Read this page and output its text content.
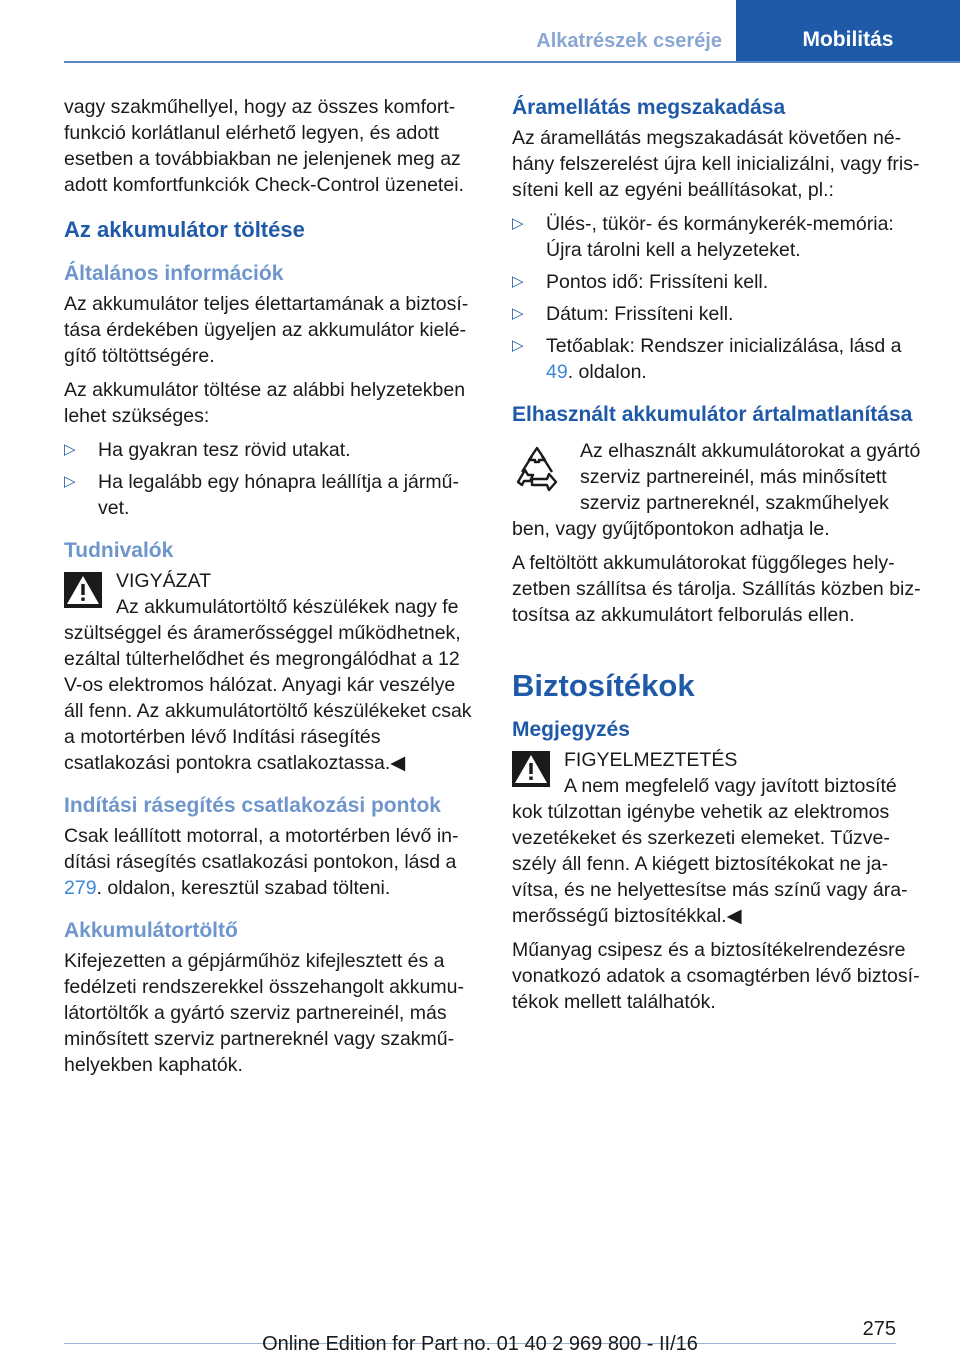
Alkatrészek cseréje	Mobilitás

vagy szakműhellyel, hogy az összes komfortfunkció korlátlanul elérhető legyen, és adott esetben a továbbiakban ne jelenjenek meg az adott komfortfunkciók Check-Control üzenetei.

Az akkumulátor töltése
Általános információk

Az akkumulátor teljes élettartamának a biztosítása érdekében ügyeljen az akkumulátor kielégítő töltöttségére.

Az akkumulátor töltése az alábbi helyzetekben lehet szükséges:

▷ Ha gyakran tesz rövid utakat.
▷ Ha legalább egy hónapra leállítja a járművet.
Tudnivalók
VIGYÁZAT
Az akkumulátortöltő készülékek nagy fe
szültséggel és áramerősséggel működhetnek, ezáltal túlterhelődhet és megrongálódhat a 12 V-os elektromos hálózat. Anyagi kár veszélye áll fenn. Az akkumulátortöltő készülékeket csak a motortérben lévő Indítási rásegítés csatlakozási pontokra csatlakoztassa.◀
Indítási rásegítés csatlakozási pontok

Csak leállított motorral, a motortérben lévő indítási rásegítés csatlakozási pontokon, lásd a 279. oldalon, keresztül szabad tölteni.

Akkumulátortöltő

Kifejezetten a gépjárműhöz kifejlesztett és a fedélzeti rendszerekkel összehangolt akkumulátortöltők a gyártó szerviz partnereinél, más minősített szerviz partnereknél vagy szakműhelyekben kaphatók.

Áramellátás megszakadása

Az áramellátás megszakadását követően néhány felszerelést újra kell inicializálni, vagy frissíteni kell az egyéni beállításokat, pl.:

▷ Ülés-, tükör- és kormánykerék-memória: Újra tárolni kell a helyzeteket.
▷ Pontos idő: Frissíteni kell.
▷ Dátum: Frissíteni kell.
▷ Tetőablak: Rendszer inicializálása, lásd a 49. oldalon.
Elhasznált akkumulátor ártalmatlanítása
Az elhasznált akkumulátorokat a gyártó szerviz partnereinél, más minősített szerviz partnereknél, szakműhelyek
ben, vagy gyűjtőpontokon adhatja le.

A feltöltött akkumulátorokat függőleges helyzetben szállítsa és tárolja. Szállítás közben biztosítsa az akkumulátort felborulás ellen.

Biztosítékok
Megjegyzés
FIGYELMEZTETÉS
A nem megfelelő vagy javított biztosíté
kok túlzottan igénybe vehetik az elektromos vezetékeket és szerkezeti elemeket. Tűzveszély áll fenn. A kiégett biztosítékokat ne javítsa, és ne helyettesítse más színű vagy áramerősségű biztosítékkal.◀

Műanyag csipesz és a biztosítékelrendezésre vonatkozó adatok a csomagtérben lévő biztosítékok mellett találhatók.

275
Online Edition for Part no. 01 40 2 969 800 - II/16
